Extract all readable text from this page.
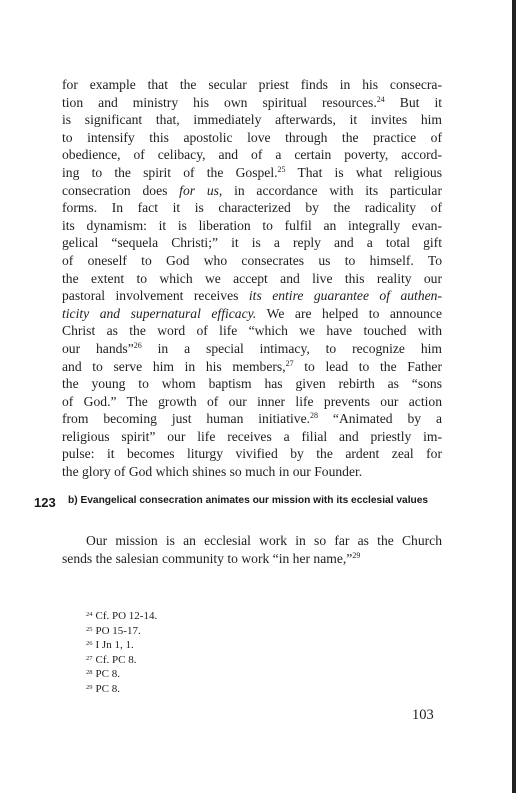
for example that the secular priest finds in his consecra-
tion and ministry his own spiritual resources.$^{24}$ But it
is significant that, immediately afterwards, it invites him
to intensify this apostolic love through the practice of
obedience, of celibacy, and of a certain poverty, accord-
ing to the spirit of the Gospel.$^{25}$ That is what religious
consecration does for us, in accordance with its particular
forms. In fact it is characterized by the radicality of
its dynamism: it is liberation to fulfil an integrally evan-
gelical “sequela Christi;” it is a reply and a total gift
of oneself to God who consecrates us to himself. To
the extent to which we accept and live this reality our
pastoral involvement receives its entire guarantee of authen-
ticity and supernatural efficacy. We are helped to announce
Christ as the word of life “which we have touched with
our hands”$^{26}$ in a special intimacy, to recognize him
and to serve him in his members,$^{27}$ to lead to the Father
the young to whom baptism has given rebirth as “sons
of God.” The growth of our inner life prevents our action
from becoming just human initiative.$^{28}$ “Animated by a
religious spirit” our life receives a filial and priestly im-
pulse: it becomes liturgy vivified by the ardent zeal for
the glory of God which shines so much in our Founder.
123 b) Evangelical consecration animates our mission with its ecclesial values
Our mission is an ecclesial work in so far as the Church
sends the salesian community to work “in her name,”$^{29}$
$^{24}$ Cf. PO 12-14.
$^{25}$ PO 15-17.
$^{26}$ I Jn 1, 1.
$^{27}$ Cf. PC 8.
$^{28}$ PC 8.
$^{29}$ PC 8.
103
